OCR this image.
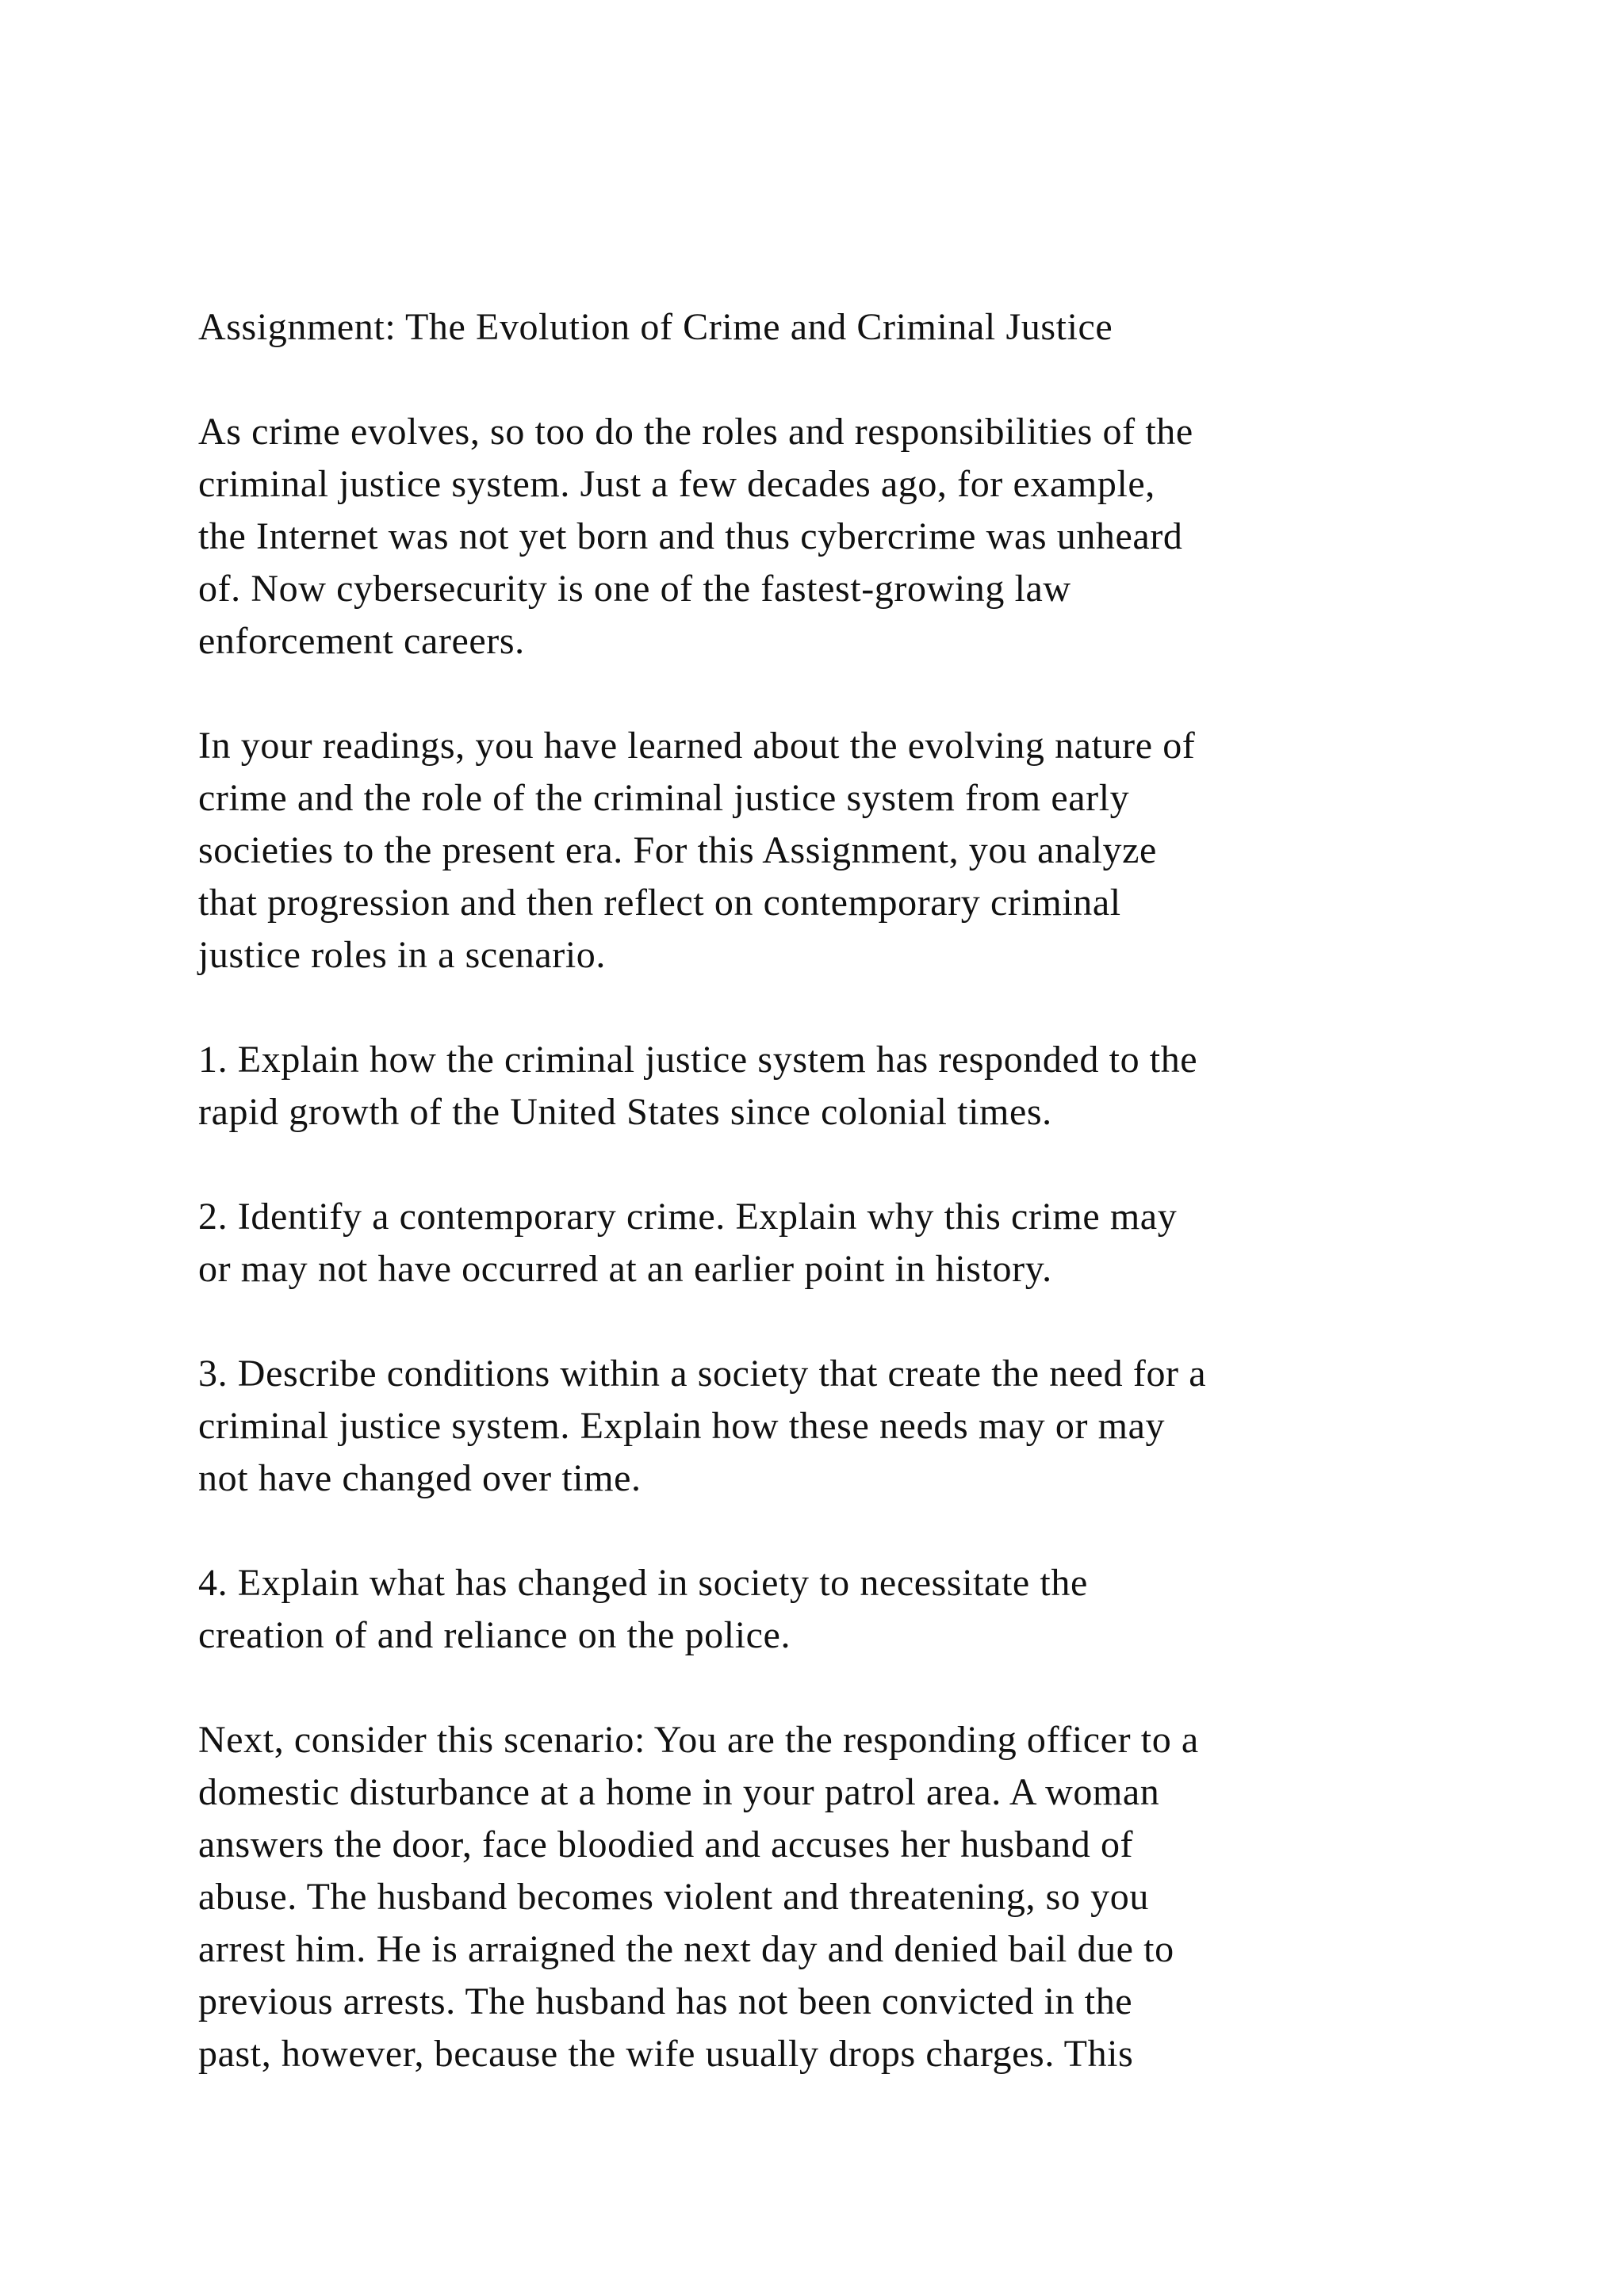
Assignment: The Evolution of Crime and Criminal Justice
As crime evolves, so too do the roles and responsibilities of the
criminal justice system. Just a few decades ago, for example,
the Internet was not yet born and thus cybercrime was unheard
of. Now cybersecurity is one of the fastest-growing law
enforcement careers.
In your readings, you have learned about the evolving nature of
crime and the role of the criminal justice system from early
societies to the present era. For this Assignment, you analyze
that progression and then reflect on contemporary criminal
justice roles in a scenario.
1. Explain how the criminal justice system has responded to the
rapid growth of the United States since colonial times.
2. Identify a contemporary crime. Explain why this crime may
or may not have occurred at an earlier point in history.
3. Describe conditions within a society that create the need for a
criminal justice system. Explain how these needs may or may
not have changed over time.
4. Explain what has changed in society to necessitate the
creation of and reliance on the police.
Next, consider this scenario: You are the responding officer to a
domestic disturbance at a home in your patrol area. A woman
answers the door, face bloodied and accuses her husband of
abuse. The husband becomes violent and threatening, so you
arrest him. He is arraigned the next day and denied bail due to
previous arrests. The husband has not been convicted in the
past, however, because the wife usually drops charges. This
